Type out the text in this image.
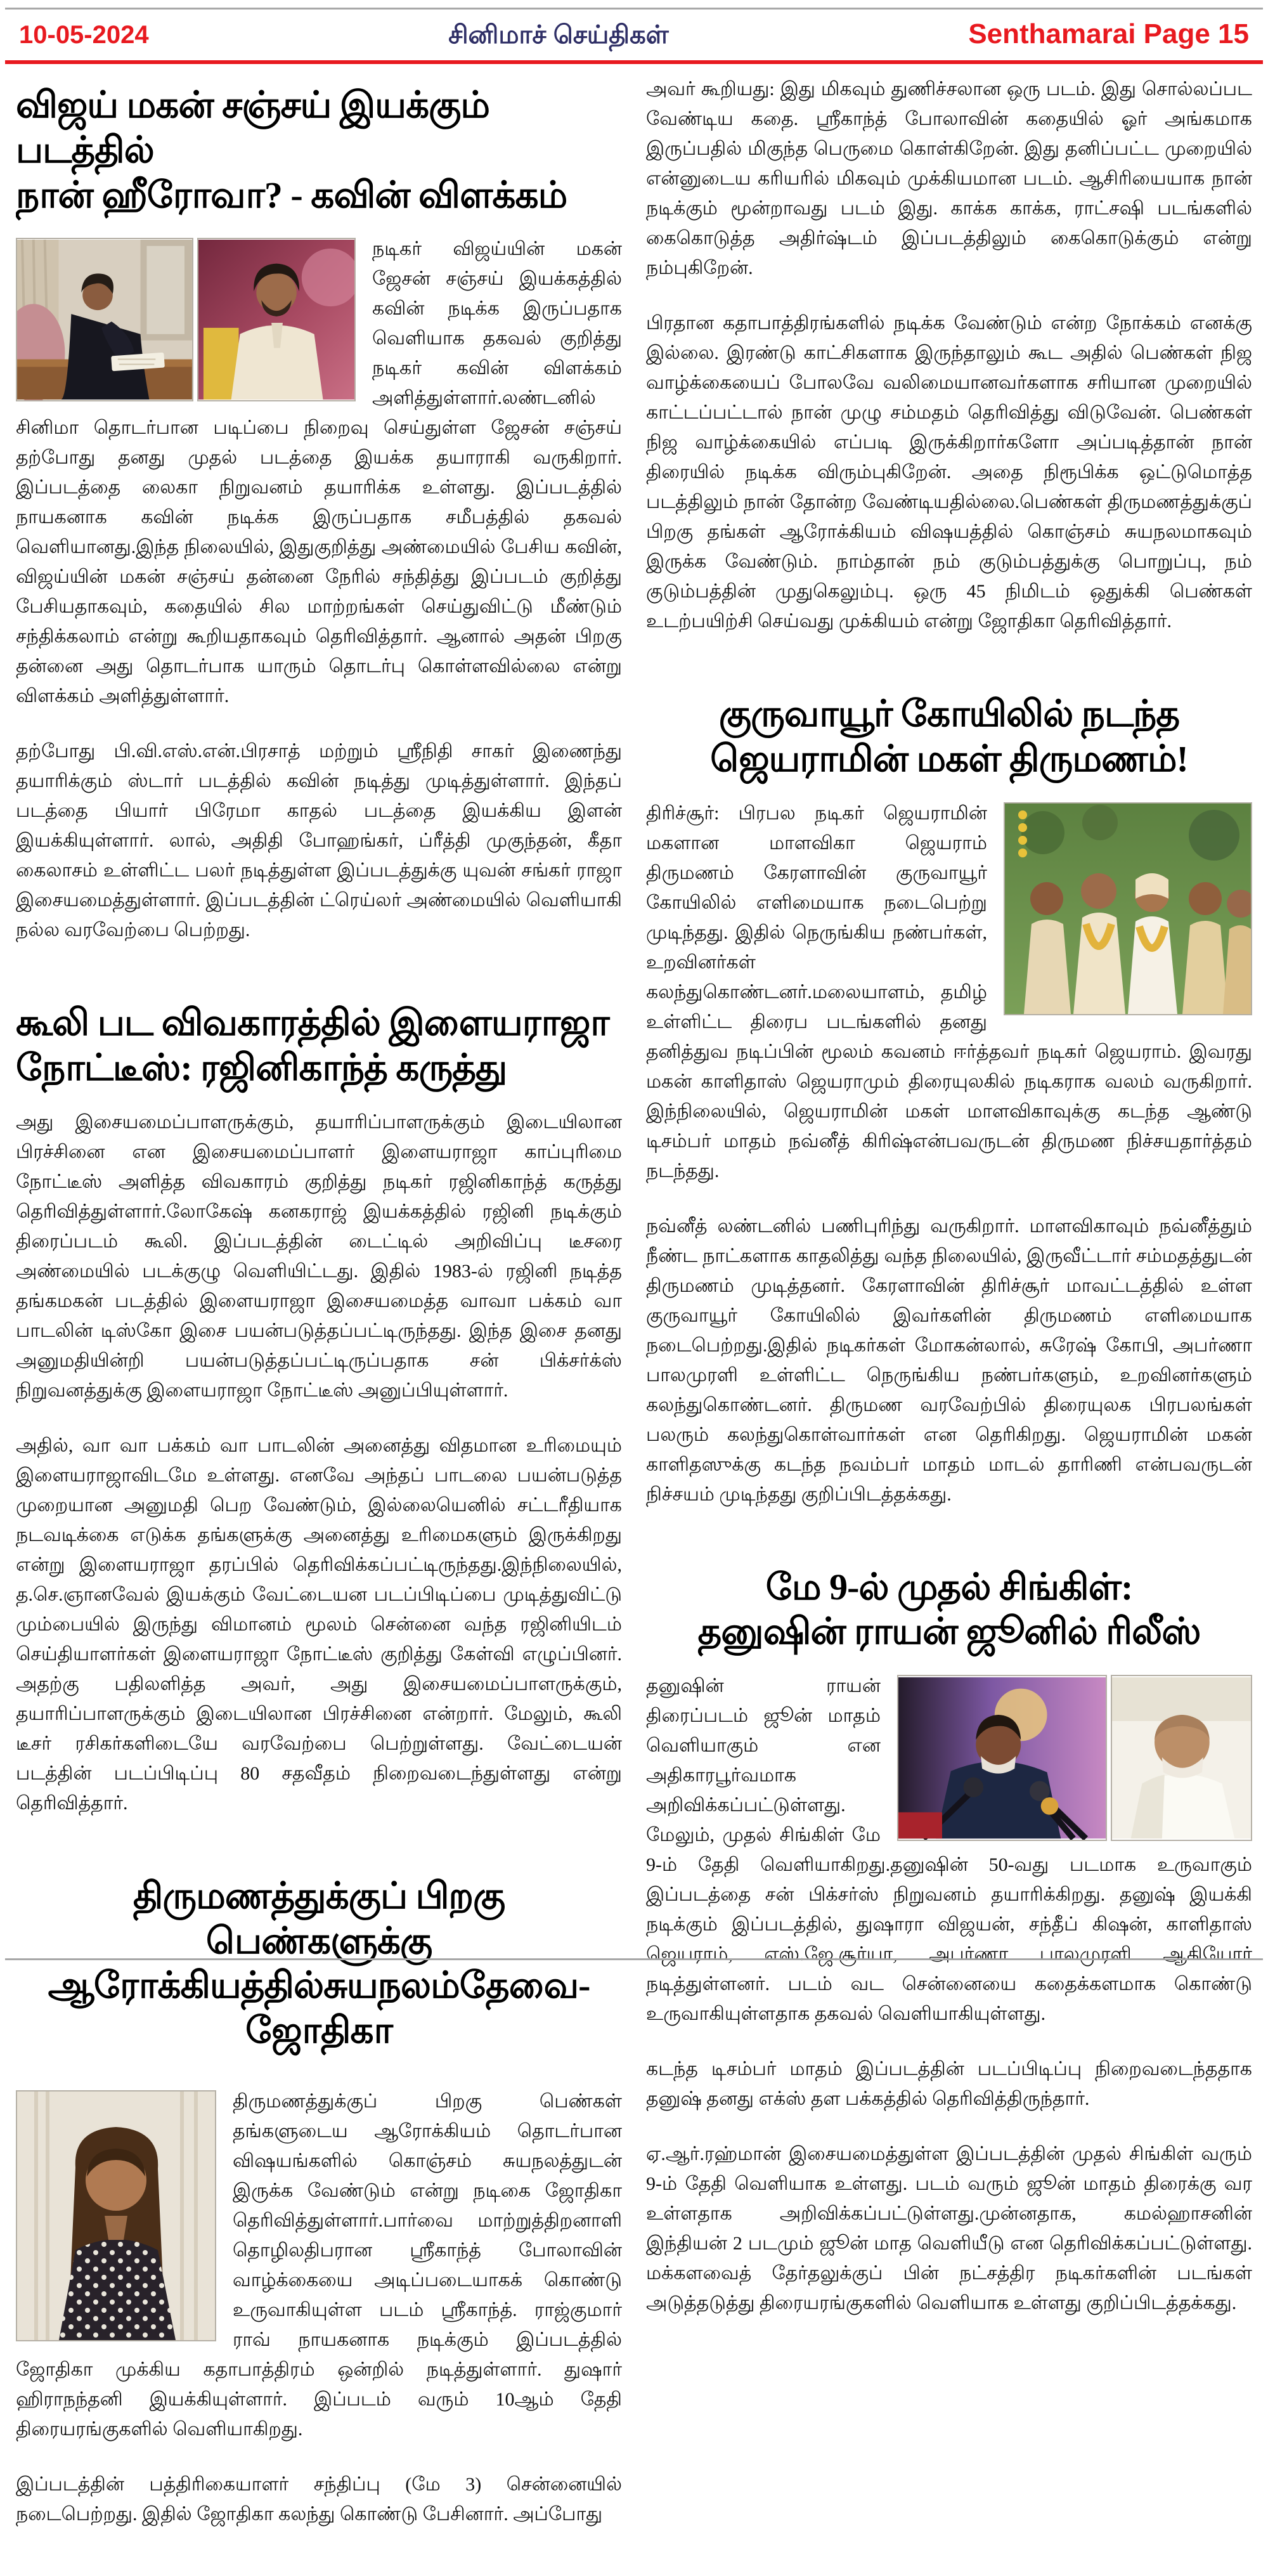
10-05-2024	சினிமாச் செய்திகள்	Senthamarai Page 15
விஜய் மகன் சஞ்சய் இயக்கும் படத்தில்
நான் ஹீரோவா? - கவின் விளக்கம்

நடிகர் விஜய்யின் மகன் ஜேசன் சஞ்சய் இயக்கத்தில் கவின் நடிக்க இருப்பதாக வெளியாக தகவல் குறித்து நடிகர் கவின் விளக்கம் அளித்துள்ளார்.லண்டனில் சினிமா தொடர்பான படிப்பை நிறைவு செய்துள்ள ஜேசன் சஞ்சய் தற்போது தனது முதல் படத்தை இயக்க தயாராகி வருகிறார். இப்படத்தை லைகா நிறுவனம் தயாரிக்க உள்ளது. இப்படத்தில் நாயகனாக கவின் நடிக்க இருப்பதாக சமீபத்தில் தகவல் வெளியானது.இந்த நிலையில், இதுகுறித்து அண்மையில் பேசிய கவின், விஜய்யின் மகன் சஞ்சய் தன்னை நேரில் சந்தித்து இப்படம் குறித்து பேசியதாகவும், கதையில் சில மாற்றங்கள் செய்துவிட்டு மீண்டும் சந்திக்கலாம் என்று கூறியதாகவும் தெரிவித்தார். ஆனால் அதன் பிறகு தன்னை அது தொடர்பாக யாரும் தொடர்பு கொள்ளவில்லை என்று விளக்கம் அளித்துள்ளார்.

தற்போது பி.வி.எஸ்.என்.பிரசாத் மற்றும் ஸ்ரீநிதி சாகர் இணைந்து தயாரிக்கும் ஸ்டார் படத்தில் கவின் நடித்து முடித்துள்ளார். இந்தப் படத்தை பியார் பிரேமா காதல் படத்தை இயக்கிய இளன் இயக்கியுள்ளார். லால், அதிதி போஹங்கர், ப்ரீத்தி முகுந்தன், கீதா கைலாசம் உள்ளிட்ட பலர் நடித்துள்ள இப்படத்துக்கு யுவன் சங்கர் ராஜா இசையமைத்துள்ளார். இப்படத்தின் ட்ரெய்லர் அண்மையில் வெளியாகி நல்ல வரவேற்பை பெற்றது.

கூலி பட விவகாரத்தில் இளையராஜா
நோட்டீஸ்: ரஜினிகாந்த் கருத்து

அது இசையமைப்பாளருக்கும், தயாரிப்பாளருக்கும் இடையிலான பிரச்சினை என இசையமைப்பாளர் இளையராஜா காப்புரிமை நோட்டீஸ் அளித்த விவகாரம் குறித்து நடிகர் ரஜினிகாந்த் கருத்து தெரிவித்துள்ளார்.லோகேஷ் கனகராஜ் இயக்கத்தில் ரஜினி நடிக்கும் திரைப்படம் கூலி. இப்படத்தின் டைட்டில் அறிவிப்பு டீசரை அண்மையில் படக்குழு வெளியிட்டது. இதில் 1983-ல் ரஜினி நடித்த தங்கமகன் படத்தில் இளையராஜா இசையமைத்த வாவா பக்கம் வா பாடலின் டிஸ்கோ இசை பயன்படுத்தப்பட்டிருந்தது. இந்த இசை தனது அனுமதியின்றி பயன்படுத்தப்பட்டிருப்பதாக சன் பிக்சர்க்ஸ் நிறுவனத்துக்கு இளையராஜா நோட்டீஸ் அனுப்பியுள்ளார்.

அதில், வா வா பக்கம் வா பாடலின் அனைத்து விதமான உரிமையும் இளையராஜாவிடமே உள்ளது. எனவே அந்தப் பாடலை பயன்படுத்த முறையான அனுமதி பெற வேண்டும், இல்லையெனில் சட்டரீதியாக நடவடிக்கை எடுக்க தங்களுக்கு அனைத்து உரிமைகளும் இருக்கிறது என்று இளையராஜா தரப்பில் தெரிவிக்கப்பட்டிருந்தது.இந்நிலையில், த.செ.ஞானவேல் இயக்கும் வேட்டையன படப்பிடிப்பை முடித்துவிட்டு மும்பையில் இருந்து விமானம் மூலம் சென்னை வந்த ரஜினியிடம் செய்தியாளர்கள் இளையராஜா நோட்டீஸ் குறித்து கேள்வி எழுப்பினர். அதற்கு பதிலளித்த அவர், அது இசையமைப்பாளருக்கும், தயாரிப்பாளருக்கும் இடையிலான பிரச்சினை என்றார். மேலும், கூலி டீசர் ரசிகர்களிடையே வரவேற்பை பெற்றுள்ளது. வேட்டையன் படத்தின் படப்பிடிப்பு 80 சதவீதம் நிறைவடைந்துள்ளது என்று தெரிவித்தார்.

திருமணத்துக்குப் பிறகு பெண்களுக்கு
ஆரோக்கியத்தில்சுயநலம்தேவை-ஜோதிகா

திருமணத்துக்குப் பிறகு பெண்கள் தங்களுடைய ஆரோக்கியம் தொடர்பான விஷயங்களில் கொஞ்சம் சுயநலத்துடன் இருக்க வேண்டும் என்று நடிகை ஜோதிகா தெரிவித்துள்ளார்.பார்வை மாற்றுத்திறனாளி தொழிலதிபரான ஸ்ரீகாந்த் போலாவின் வாழ்க்கையை அடிப்படையாகக் கொண்டு உருவாகியுள்ள படம் ஸ்ரீகாந்த். ராஜ்குமார் ராவ் நாயகனாக நடிக்கும் இப்படத்தில் ஜோதிகா முக்கிய கதாபாத்திரம் ஒன்றில் நடித்துள்ளார். துஷார் ஹிராநந்தனி இயக்கியுள்ளார். இப்படம் வரும் 10ஆம் தேதி திரையரங்குகளில் வெளியாகிறது.

இப்படத்தின் பத்திரிகையாளர் சந்திப்பு (மே 3) சென்னையில் நடைபெற்றது. இதில் ஜோதிகா கலந்து கொண்டு பேசினார். அப்போது

அவர் கூறியது: இது மிகவும் துணிச்சலான ஒரு படம். இது சொல்லப்பட வேண்டிய கதை. ஸ்ரீகாந்த் போலாவின் கதையில் ஓர் அங்கமாக இருப்பதில் மிகுந்த பெருமை கொள்கிறேன். இது தனிப்பட்ட முறையில் என்னுடைய கரியரில் மிகவும் முக்கியமான படம். ஆசிரியையாக நான் நடிக்கும் மூன்றாவது படம் இது. காக்க காக்க, ராட்சஷி படங்களில் கைகொடுத்த அதிர்ஷ்டம் இப்படத்திலும் கைகொடுக்கும் என்று நம்புகிறேன்.

பிரதான கதாபாத்திரங்களில் நடிக்க வேண்டும் என்ற நோக்கம் எனக்கு இல்லை. இரண்டு காட்சிகளாக இருந்தாலும் கூட அதில் பெண்கள் நிஜ வாழ்க்கையைப் போலவே வலிமையானவர்களாக சரியான முறையில் காட்டப்பட்டால் நான் முழு சம்மதம் தெரிவித்து விடுவேன். பெண்கள் நிஜ வாழ்க்கையில் எப்படி இருக்கிறார்களோ அப்படித்தான் நான் திரையில் நடிக்க விரும்புகிறேன். அதை நிரூபிக்க ஒட்டுமொத்த படத்திலும் நான் தோன்ற வேண்டியதில்லை.பெண்கள் திருமணத்துக்குப் பிறகு தங்கள் ஆரோக்கியம் விஷயத்தில் கொஞ்சம் சுயநலமாகவும் இருக்க வேண்டும். நாம்தான் நம் குடும்பத்துக்கு பொறுப்பு, நம் குடும்பத்தின் முதுகெலும்பு. ஒரு 45 நிமிடம் ஒதுக்கி பெண்கள் உடற்பயிற்சி செய்வது முக்கியம் என்று ஜோதிகா தெரிவித்தார்.

குருவாயூர் கோயிலில் நடந்த
ஜெயராமின் மகள் திருமணம்!

திரிச்சூர்: பிரபல நடிகர் ஜெயராமின் மகளான மாளவிகா ஜெயராம் திருமணம் கேரளாவின் குருவாயூர் கோயிலில் எளிமையாக நடைபெற்று முடிந்தது. இதில் நெருங்கிய நண்பர்கள், உறவினர்கள் கலந்துகொண்டனர்.மலையாளம், தமிழ் உள்ளிட்ட திரைப படங்களில் தனது தனித்துவ நடிப்பின் மூலம் கவனம் ஈர்த்தவர் நடிகர் ஜெயராம். இவரது மகன் காளிதாஸ் ஜெயராமும் திரையுலகில் நடிகராக வலம் வருகிறார். இந்நிலையில், ஜெயராமின் மகள் மாளவிகாவுக்கு கடந்த ஆண்டு டிசம்பர் மாதம் நவ்னீத் கிரிஷ்என்பவருடன் திருமண நிச்சயதார்த்தம் நடந்தது.

நவ்னீத் லண்டனில் பணிபுரிந்து வருகிறார். மாளவிகாவும் நவ்னீத்தும் நீண்ட நாட்களாக காதலித்து வந்த நிலையில், இருவீட்டார் சம்மதத்துடன் திருமணம் முடித்தனர். கேரளாவின் திரிச்சூர் மாவட்டத்தில் உள்ள குருவாயூர் கோயிலில் இவர்களின் திருமணம் எளிமையாக நடைபெற்றது.இதில் நடிகர்கள் மோகன்லால், சுரேஷ் கோபி, அபர்ணா பாலமுரளி உள்ளிட்ட நெருங்கிய நண்பர்களும், உறவினர்களும் கலந்துகொண்டனர். திருமண வரவேற்பில் திரையுலக பிரபலங்கள் பலரும் கலந்துகொள்வார்கள் என தெரிகிறது. ஜெயராமின் மகன் காளிதஸுக்கு கடந்த நவம்பர் மாதம் மாடல் தாரிணி என்பவருடன் நிச்சயம் முடிந்தது குறிப்பிடத்தக்கது.

மே 9-ல் முதல் சிங்கிள்:
தனுஷின் ராயன் ஜூனில் ரிலீஸ்

தனுஷின் ராயன் திரைப்படம் ஜூன் மாதம் வெளியாகும் என அதிகாரபூர்வமாக அறிவிக்கப்பட்டுள்ளது. மேலும், முதல் சிங்கிள் மே 9-ம் தேதி வெளியாகிறது.தனுஷின் 50-வது படமாக உருவாகும் இப்படத்தை சன் பிக்சர்ஸ் நிறுவனம் தயாரிக்கிறது. தனுஷ் இயக்கி நடிக்கும் இப்படத்தில், துஷாரா விஜயன், சந்தீப் கிஷன், காளிதாஸ் ஜெயராம், எஸ்.ஜே.சூர்யா, அபர்ணா பாலமுரளி ஆகியோர் நடித்துள்ளனர். படம் வட சென்னையை கதைக்களமாக கொண்டு உருவாகியுள்ளதாக தகவல் வெளியாகியுள்ளது.

கடந்த டிசம்பர் மாதம் இப்படத்தின் படப்பிடிப்பு நிறைவடைந்ததாக தனுஷ் தனது எக்ஸ் தள பக்கத்தில் தெரிவித்திருந்தார்.

ஏ.ஆர்.ரஹ்மான் இசையமைத்துள்ள இப்படத்தின் முதல் சிங்கிள் வரும் 9-ம் தேதி வெளியாக உள்ளது. படம் வரும் ஜூன் மாதம் திரைக்கு வர உள்ளதாக அறிவிக்கப்பட்டுள்ளது.முன்னதாக, கமல்ஹாசனின் இந்தியன் 2 படமும் ஜூன் மாத வெளியீடு என தெரிவிக்கப்பட்டுள்ளது. மக்களவைத் தேர்தலுக்குப் பின் நட்சத்திர நடிகர்களின் படங்கள் அடுத்தடுத்து திரையரங்குகளில் வெளியாக உள்ளது குறிப்பிடத்தக்கது.
